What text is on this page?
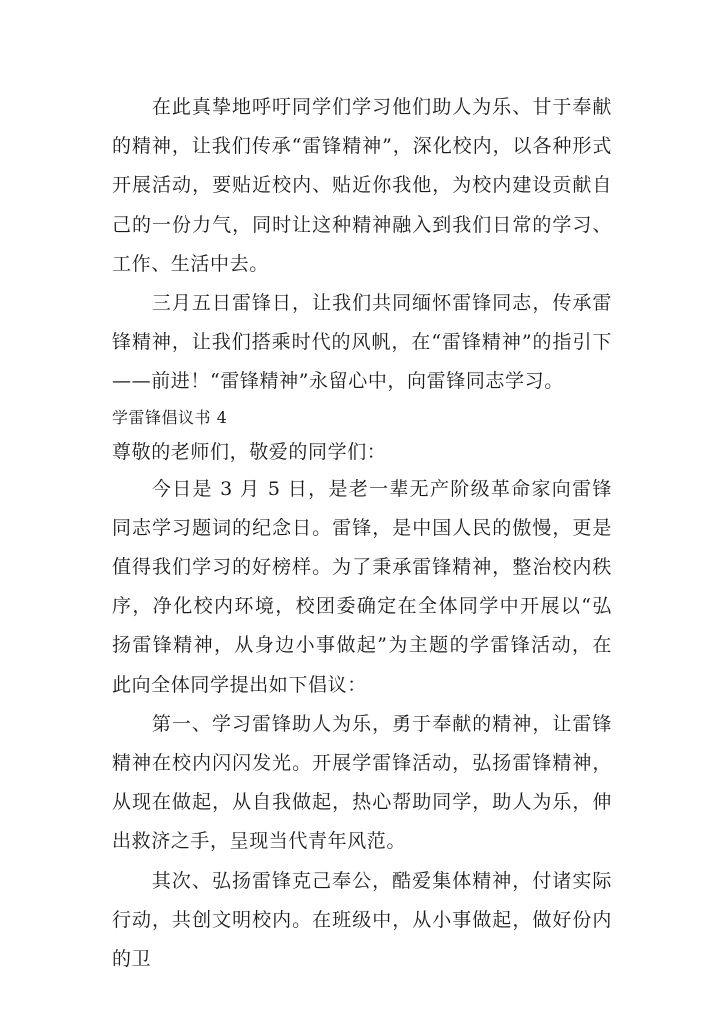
在此真挚地呼吁同学们学习他们助人为乐、甘于奉献的精神，让我们传承“雷锋精神”，深化校内，以各种形式开展活动，要贴近校内、贴近你我他，为校内建设贡献自己的一份力气，同时让这种精神融入到我们日常的学习、工作、生活中去。

三月五日雷锋日，让我们共同缅怀雷锋同志，传承雷锋精神，让我们搭乘时代的风帆，在“雷锋精神”的指引下——前进！“雷锋精神”永留心中，向雷锋同志学习。

学雷锋倡议书 4

尊敬的老师们，敬爱的同学们：

今日是 3 月 5 日，是老一辈无产阶级革命家向雷锋同志学习题词的纪念日。雷锋，是中国人民的傲慢，更是值得我们学习的好榜样。为了秉承雷锋精神，整治校内秩序，净化校内环境，校团委确定在全体同学中开展以“弘扬雷锋精神，从身边小事做起”为主题的学雷锋活动，在此向全体同学提出如下倡议：

第一、学习雷锋助人为乐，勇于奉献的精神，让雷锋精神在校内闪闪发光。开展学雷锋活动，弘扬雷锋精神，从现在做起，从自我做起，热心帮助同学，助人为乐，伸出救济之手，呈现当代青年风范。

其次、弘扬雷锋克己奉公，酷爱集体精神，付诸实际行动，共创文明校内。在班级中，从小事做起，做好份内的卫
